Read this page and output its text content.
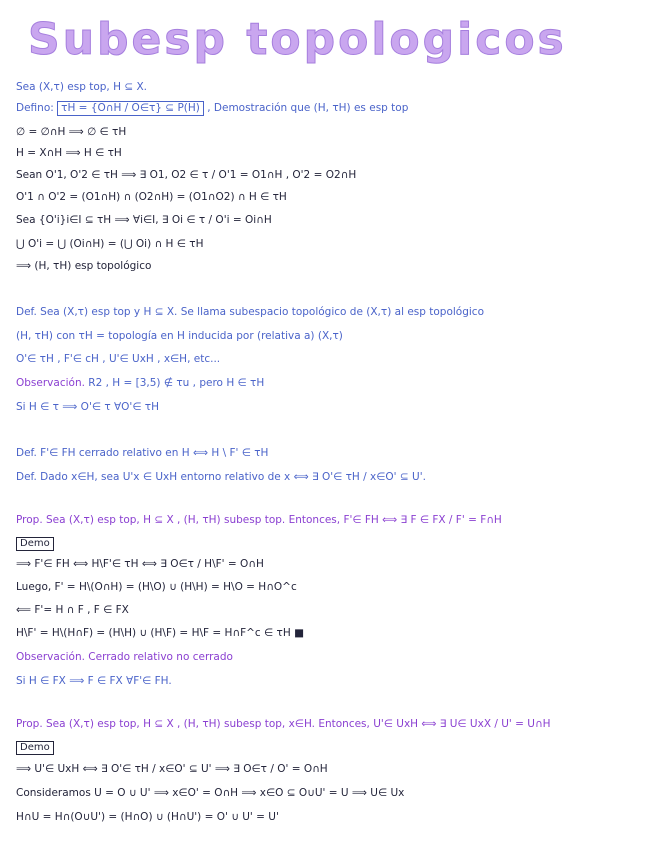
Subesp topologicos
Sea (X,τ) esp top, H ⊆ X.
Defino: τH = {O∩H / O∈τ} ⊆ P(H) , Demostración que (H, τH) es esp top
∅ = ∅∩H ⟹ ∅ ∈ τH
H = X∩H ⟹ H ∈ τH
Sean O'1, O'2 ∈ τH ⟹ ∃ O1, O2 ∈ τ / O'1 = O1∩H , O'2 = O2∩H
O'1 ∩ O'2 = (O1∩H) ∩ (O2∩H) = (O1∩O2) ∩ H ∈ τH
Sea {O'i}i∈I ⊆ τH ⟹ ∀i∈I, ∃ Oi ∈ τ / O'i = Oi∩H
⋃ O'i = ⋃ (Oi∩H) = (⋃ Oi) ∩ H ∈ τH
⟹ (H, τH) esp topológico
Def. Sea (X,τ) esp top y H ⊆ X. Se llama subespacio topológico de (X,τ) al esp topológico
(H, τH) con τH = topología en H inducida por (relativa a) (X,τ)
O'∈ τH , F'∈ cH , U'∈ UxH , x∈H, etc...
Observación. R2 , H = [3,5) ∉ τu , pero H ∈ τH
Si H ∈ τ ⟹ O'∈ τ ∀O'∈ τH
Def. F'∈ FH cerrado relativo en H ⟺ H \ F' ∈ τH
Def. Dado x∈H, sea U'x ∈ UxH entorno relativo de x ⟺ ∃ O'∈ τH / x∈O' ⊆ U'.
Prop. Sea (X,τ) esp top, H ⊆ X , (H, τH) subesp top. Entonces, F'∈ FH ⟺ ∃ F ∈ FX / F' = F∩H
Demo
⟹ F'∈ FH ⟺ H\F'∈ τH ⟺ ∃ O∈τ / H\F' = O∩H
Luego, F' = H\(O∩H) = (H\O) ∪ (H\H) = H\O = H∩O^c
⟸ F'= H ∩ F , F ∈ FX
H\F' = H\(H∩F) = (H\H) ∪ (H\F) = H\F = H∩F^c ∈ τH ■
Observación. Cerrado relativo no cerrado
Si H ∈ FX ⟹ F ∈ FX ∀F'∈ FH.
Prop. Sea (X,τ) esp top, H ⊆ X , (H, τH) subesp top, x∈H. Entonces, U'∈ UxH ⟺ ∃ U∈ UxX / U' = U∩H
Demo
⟹ U'∈ UxH ⟺ ∃ O'∈ τH / x∈O' ⊆ U' ⟹ ∃ O∈τ / O' = O∩H
Consideramos U = O ∪ U' ⟹ x∈O' = O∩H ⟹ x∈O ⊆ O∪U' = U ⟹ U∈ Ux
H∩U = H∩(O∪U') = (H∩O) ∪ (H∩U') = O' ∪ U' = U'
